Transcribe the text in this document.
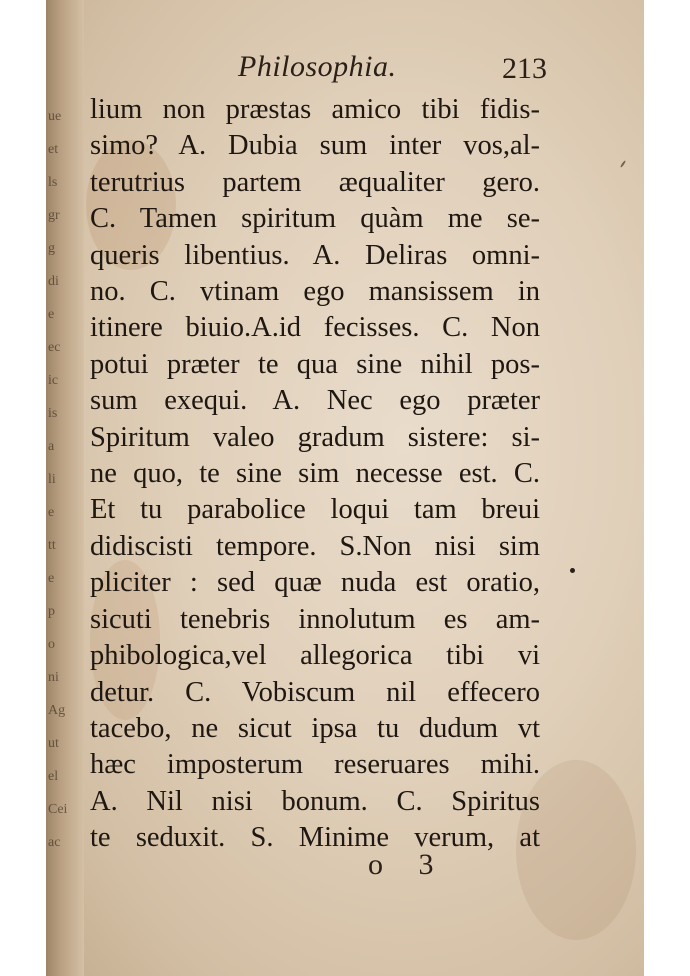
ue
et
ls
gr
g
di
e
ec
ic
is
a
li
e
tt
e
p
o
ni
Ag
ut
el
Cei
ac
Philosophia.	213
lium non præstas amico tibi fidis-
simo? A. Dubia sum inter vos,al-
terutrius partem æqualiter gero.
C. Tamen spiritum quàm me se-
queris libentius. A. Deliras omni-
no. C. vtinam ego mansissem in
itinere biuio.A.id fecisses. C. Non
potui præter te qua sine nihil pos-
sum exequi. A. Nec ego præter
Spiritum valeo gradum sistere: si-
ne quo, te sine sim necesse est. C.
Et tu parabolice loqui tam breui
didiscisti tempore. S.Non nisi sim
pliciter : sed quæ nuda est oratio,
sicuti tenebris innolutum es am-
phibologica,vel allegorica tibi vi
detur. C. Vobiscum nil effecero
tacebo, ne sicut ipsa tu dudum vt
hæc imposterum reseruares mihi.
A. Nil nisi bonum. C. Spiritus
te seduxit. S. Minime verum, at
o 3
